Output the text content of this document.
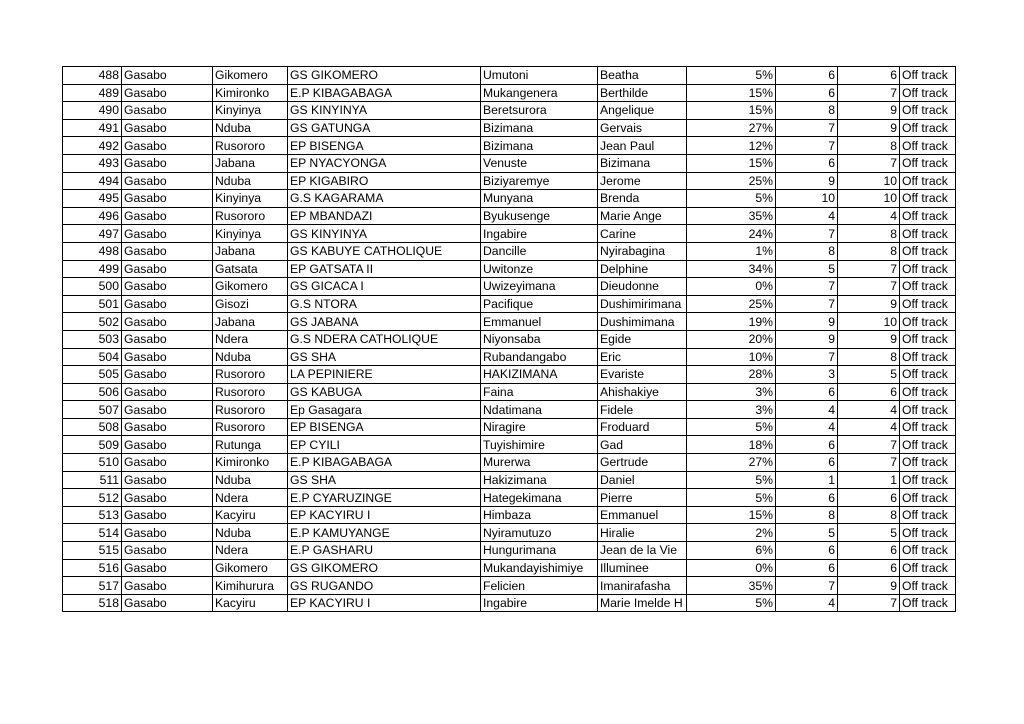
488	Gasabo	Gikomero	GS GIKOMERO	Umutoni	Beatha	5%	6	6	Off track
489	Gasabo	Kimironko	E.P KIBAGABAGA	Mukangenera	Berthilde	15%	6	7	Off track
490	Gasabo	Kinyinya	GS KINYINYA	Beretsurora	Angelique	15%	8	9	Off track
491	Gasabo	Nduba	GS GATUNGA	Bizimana	Gervais	27%	7	9	Off track
492	Gasabo	Rusororo	EP BISENGA	Bizimana	Jean Paul	12%	7	8	Off track
493	Gasabo	Jabana	EP NYACYONGA	Venuste	Bizimana	15%	6	7	Off track
494	Gasabo	Nduba	EP KIGABIRO	Biziyaremye	Jerome	25%	9	10	Off track
495	Gasabo	Kinyinya	G.S KAGARAMA	Munyana	Brenda	5%	10	10	Off track
496	Gasabo	Rusororo	EP MBANDAZI	Byukusenge	Marie Ange	35%	4	4	Off track
497	Gasabo	Kinyinya	GS KINYINYA	Ingabire	Carine	24%	7	8	Off track
498	Gasabo	Jabana	GS KABUYE CATHOLIQUE	Dancille	Nyirabagina	1%	8	8	Off track
499	Gasabo	Gatsata	EP GATSATA II	Uwitonze	Delphine	34%	5	7	Off track
500	Gasabo	Gikomero	GS GICACA I	Uwizeyimana	Dieudonne	0%	7	7	Off track
501	Gasabo	Gisozi	G.S NTORA	Pacifique	Dushimirimana	25%	7	9	Off track
502	Gasabo	Jabana	GS JABANA	Emmanuel	Dushimimana	19%	9	10	Off track
503	Gasabo	Ndera	G.S NDERA CATHOLIQUE	Niyonsaba	Egide	20%	9	9	Off track
504	Gasabo	Nduba	GS SHA	Rubandangabo	Eric	10%	7	8	Off track
505	Gasabo	Rusororo	LA PEPINIERE	HAKIZIMANA	Evariste	28%	3	5	Off track
506	Gasabo	Rusororo	GS KABUGA	Faina	Ahishakiye	3%	6	6	Off track
507	Gasabo	Rusororo	Ep Gasagara	Ndatimana	Fidele	3%	4	4	Off track
508	Gasabo	Rusororo	EP BISENGA	Niragire	Froduard	5%	4	4	Off track
509	Gasabo	Rutunga	EP CYILI	Tuyishimire	Gad	18%	6	7	Off track
510	Gasabo	Kimironko	E.P KIBAGABAGA	Murerwa	Gertrude	27%	6	7	Off track
511	Gasabo	Nduba	GS SHA	Hakizimana	Daniel	5%	1	1	Off track
512	Gasabo	Ndera	E.P CYARUZINGE	Hategekimana	Pierre	5%	6	6	Off track
513	Gasabo	Kacyiru	EP KACYIRU I	Himbaza	Emmanuel	15%	8	8	Off track
514	Gasabo	Nduba	E.P KAMUYANGE	Nyiramutuzo	Hiralie	2%	5	5	Off track
515	Gasabo	Ndera	E.P GASHARU	Hungurimana	Jean de la Vie	6%	6	6	Off track
516	Gasabo	Gikomero	GS GIKOMERO	Mukandayishimiye	Illuminee	0%	6	6	Off track
517	Gasabo	Kimihurura	GS RUGANDO	Felicien	Imanirafasha	35%	7	9	Off track
518	Gasabo	Kacyiru	EP KACYIRU I	Ingabire	Marie Imelde H	5%	4	7	Off track
